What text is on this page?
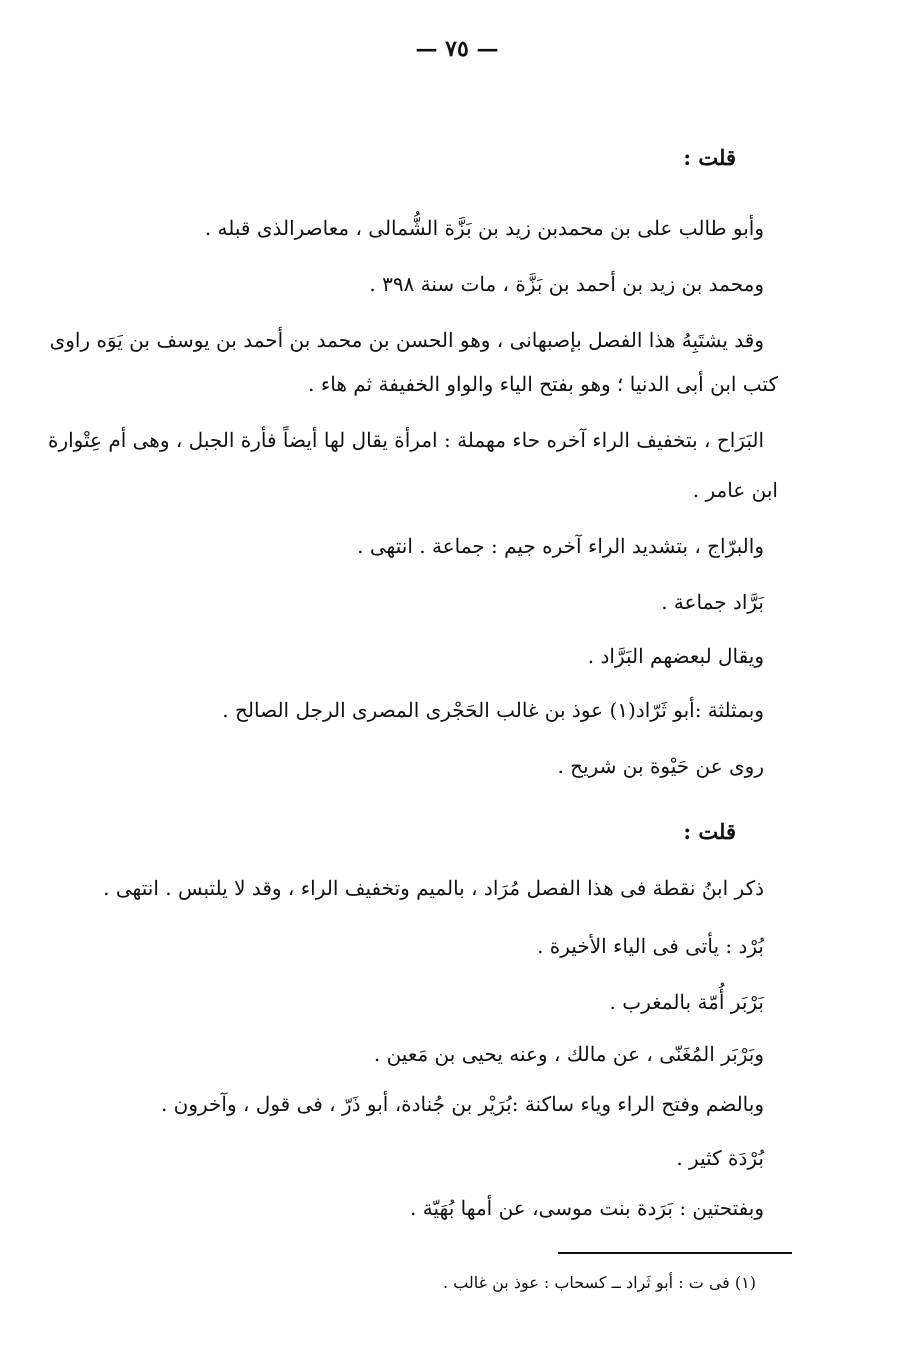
— ٧٥ —
قلت :
وأبو طالب على بن محمدبن زيد بن بَزَّة الشُّمالى ، معاصرالذى قبله .
ومحمد بن زيد بن أحمد بن بَزَّة ، مات سنة ٣٩٨ .
وقد يشتَبِهُ هذا الفصل بإصبهانى ، وهو الحسن بن محمد بن أحمد بن يوسف بن يَوَه راوى
كتب ابن أبى الدنيا ؛ وهو بفتح الياء والواو الخفيفة ثم هاء .
البَرَاح ، بتخفيف الراء آخره حاء مهملة : امرأة يقال لها أيضاً فأرة الجبل ، وهى أم عِتْوارة
ابن عامر .
والبرّاج ، بتشديد الراء آخره جيم : جماعة . انتهى .
بَرَّاد جماعة .
ويقال لبعضهم البَرَّاد .
وبمثلثة :أبو ثَرّاد(١) عوذ بن غالب الحَجْرى المصرى الرجل الصالح .
روى عن حَيْوة بن شريح .
قلت :
ذكر ابنُ نقطة فى هذا الفصل مُرَاد ، بالميم وتخفيف الراء ، وقد لا يلتبس . انتهى .
بُرْد : يأتى فى الياء الأخيرة .
بَرْبَر أُمّة بالمغرب .
وبَرْبَر المُغَنّى ، عن مالك ، وعنه يحيى بن مَعين .
وبالضم وفتح الراء وياء ساكنة :بُرَيْر بن جُنادة، أبو ذَرّ ، فى قول ، وآخرون .
بُرْدَة كثير .
وبفتحتين : بَرَدة بنت موسى، عن أمها بُهَيّة .
(١) فى ت : أبو ثَراد ــ كسحاب : عوذ بن غالب .
